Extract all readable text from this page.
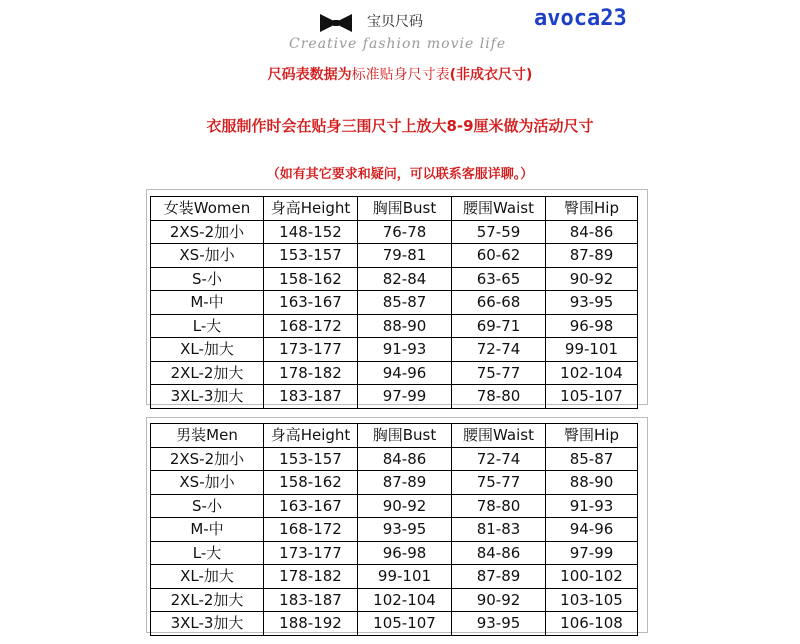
宝贝尺码	avoca23
Creative fashion movie life
尺码表数据为标准贴身尺寸表(非成衣尺寸)
衣服制作时会在贴身三围尺寸上放大8-9厘米做为活动尺寸
（如有其它要求和疑问，可以联系客服详聊。）
女装Women	身高Height	胸围Bust	腰围Waist	臀围Hip
2XS-2加小	148-152	76-78	57-59	84-86
XS-加小	153-157	79-81	60-62	87-89
S-小	158-162	82-84	63-65	90-92
M-中	163-167	85-87	66-68	93-95
L-大	168-172	88-90	69-71	96-98
XL-加大	173-177	91-93	72-74	99-101
2XL-2加大	178-182	94-96	75-77	102-104
3XL-3加大	183-187	97-99	78-80	105-107
男装Men	身高Height	胸围Bust	腰围Waist	臀围Hip
2XS-2加小	153-157	84-86	72-74	85-87
XS-加小	158-162	87-89	75-77	88-90
S-小	163-167	90-92	78-80	91-93
M-中	168-172	93-95	81-83	94-96
L-大	173-177	96-98	84-86	97-99
XL-加大	178-182	99-101	87-89	100-102
2XL-2加大	183-187	102-104	90-92	103-105
3XL-3加大	188-192	105-107	93-95	106-108
